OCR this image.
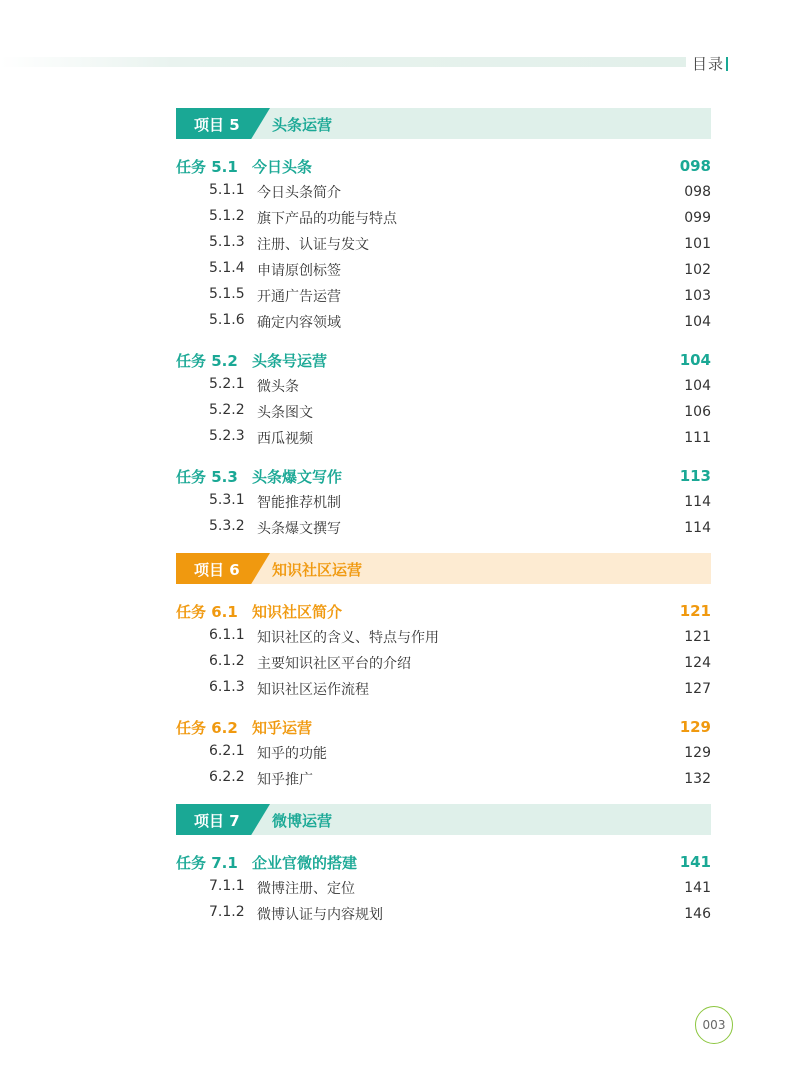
目录
项目 5 头条运营
任务 5.1 今日头条	098
5.1.1 今日头条简介	098
5.1.2 旗下产品的功能与特点	099
5.1.3 注册、认证与发文	101
5.1.4 申请原创标签	102
5.1.5 开通广告运营	103
5.1.6 确定内容领域	104
任务 5.2 头条号运营	104
5.2.1 微头条	104
5.2.2 头条图文	106
5.2.3 西瓜视频	111
任务 5.3 头条爆文写作	113
5.3.1 智能推荐机制	114
5.3.2 头条爆文撰写	114
项目 6 知识社区运营
任务 6.1 知识社区简介	121
6.1.1 知识社区的含义、特点与作用	121
6.1.2 主要知识社区平台的介绍	124
6.1.3 知识社区运作流程	127
任务 6.2 知乎运营	129
6.2.1 知乎的功能	129
6.2.2 知乎推广	132
项目 7 微博运营
任务 7.1 企业官微的搭建	141
7.1.1 微博注册、定位	141
7.1.2 微博认证与内容规划	146
003
